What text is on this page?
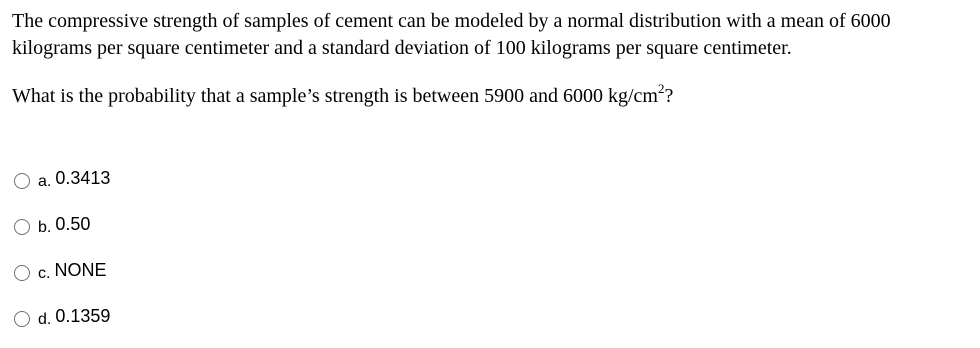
The compressive strength of samples of cement can be modeled by a normal distribution with a mean of 6000 kilograms per square centimeter and a standard deviation of 100 kilograms per square centimeter.

What is the probability that a sample’s strength is between 5900 and 6000 $kg/cm^2$?

a. 0.3413
b. 0.50
c. NONE
d. 0.1359
